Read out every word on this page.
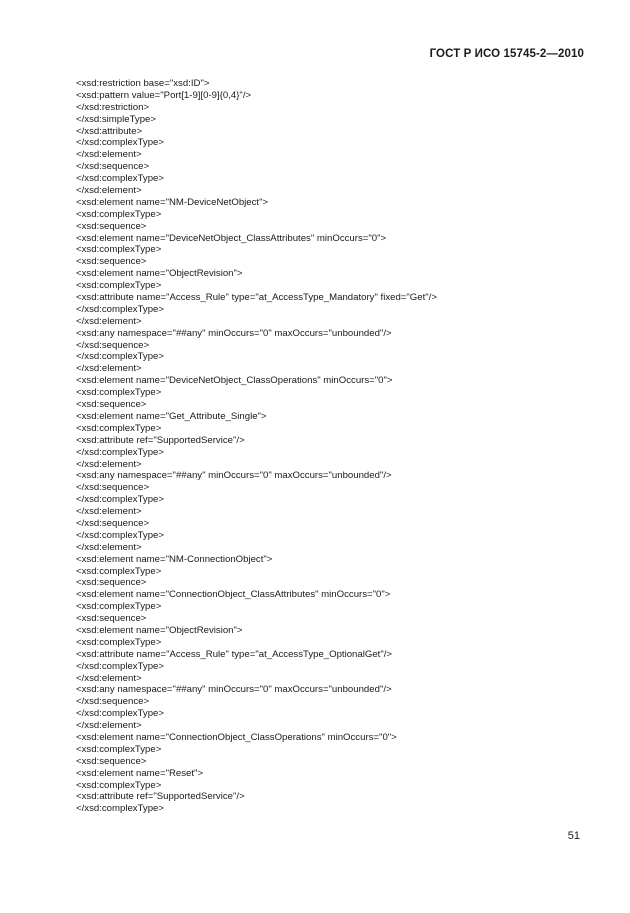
ГОСТ Р ИСО 15745-2—2010
<xsd:restriction base="xsd:ID">
<xsd:pattern value="Port[1-9][0-9]{0,4}"/>
</xsd:restriction>
</xsd:simpleType>
</xsd:attribute>
</xsd:complexType>
</xsd:element>
</xsd:sequence>
</xsd:complexType>
</xsd:element>
<xsd:element name="NM-DeviceNetObject">
<xsd:complexType>
<xsd:sequence>
<xsd:element name="DeviceNetObject_ClassAttributes" minOccurs="0">
<xsd:complexType>
<xsd:sequence>
<xsd:element name="ObjectRevision">
<xsd:complexType>
<xsd:attribute name="Access_Rule" type="at_AccessType_Mandatory" fixed="Get"/>
</xsd:complexType>
</xsd:element>
<xsd:any namespace="##any" minOccurs="0" maxOccurs="unbounded"/>
</xsd:sequence>
</xsd:complexType>
</xsd:element>
<xsd:element name="DeviceNetObject_ClassOperations" minOccurs="0">
<xsd:complexType>
<xsd:sequence>
<xsd:element name="Get_Attribute_Single">
<xsd:complexType>
<xsd:attribute ref="SupportedService"/>
</xsd:complexType>
</xsd:element>
<xsd:any namespace="##any" minOccurs="0" maxOccurs="unbounded"/>
</xsd:sequence>
</xsd:complexType>
</xsd:element>
</xsd:sequence>
</xsd:complexType>
</xsd:element>
<xsd:element name="NM-ConnectionObject">
<xsd:complexType>
<xsd:sequence>
<xsd:element name="ConnectionObject_ClassAttributes" minOccurs="0">
<xsd:complexType>
<xsd:sequence>
<xsd:element name="ObjectRevision">
<xsd:complexType>
<xsd:attribute name="Access_Rule" type="at_AccessType_OptionalGet"/>
</xsd:complexType>
</xsd:element>
<xsd:any namespace="##any" minOccurs="0" maxOccurs="unbounded"/>
</xsd:sequence>
</xsd:complexType>
</xsd:element>
<xsd:element name="ConnectionObject_ClassOperations" minOccurs="0">
<xsd:complexType>
<xsd:sequence>
<xsd:element name="Reset">
<xsd:complexType>
<xsd:attribute ref="SupportedService"/>
</xsd:complexType>
51
